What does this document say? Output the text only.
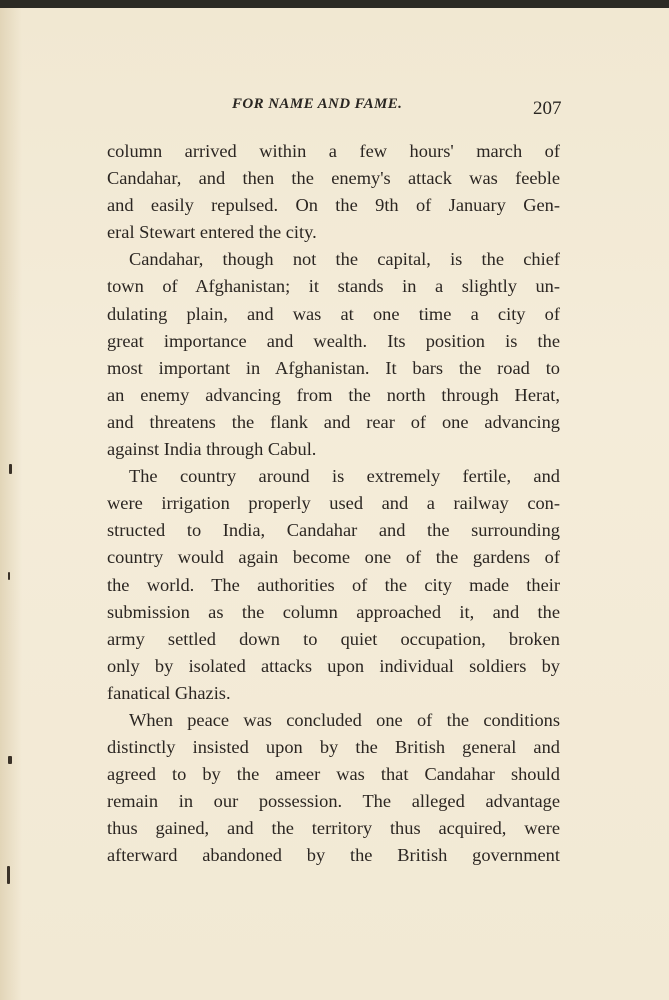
FOR NAME AND FAME.	207
column arrived within a few hours' march of
Candahar, and then the enemy's attack was feeble
and easily repulsed. On the 9th of January Gen-
eral Stewart entered the city.
Candahar, though not the capital, is the chief
town of Afghanistan; it stands in a slightly un-
dulating plain, and was at one time a city of
great importance and wealth. Its position is the
most important in Afghanistan. It bars the road to
an enemy advancing from the north through Herat,
and threatens the flank and rear of one advancing
against India through Cabul.
The country around is extremely fertile, and
were irrigation properly used and a railway con-
structed to India, Candahar and the surrounding
country would again become one of the gardens of
the world. The authorities of the city made their
submission as the column approached it, and the
army settled down to quiet occupation, broken
only by isolated attacks upon individual soldiers by
fanatical Ghazis.
When peace was concluded one of the conditions
distinctly insisted upon by the British general and
agreed to by the ameer was that Candahar should
remain in our possession. The alleged advantage
thus gained, and the territory thus acquired, were
afterward abandoned by the British government
